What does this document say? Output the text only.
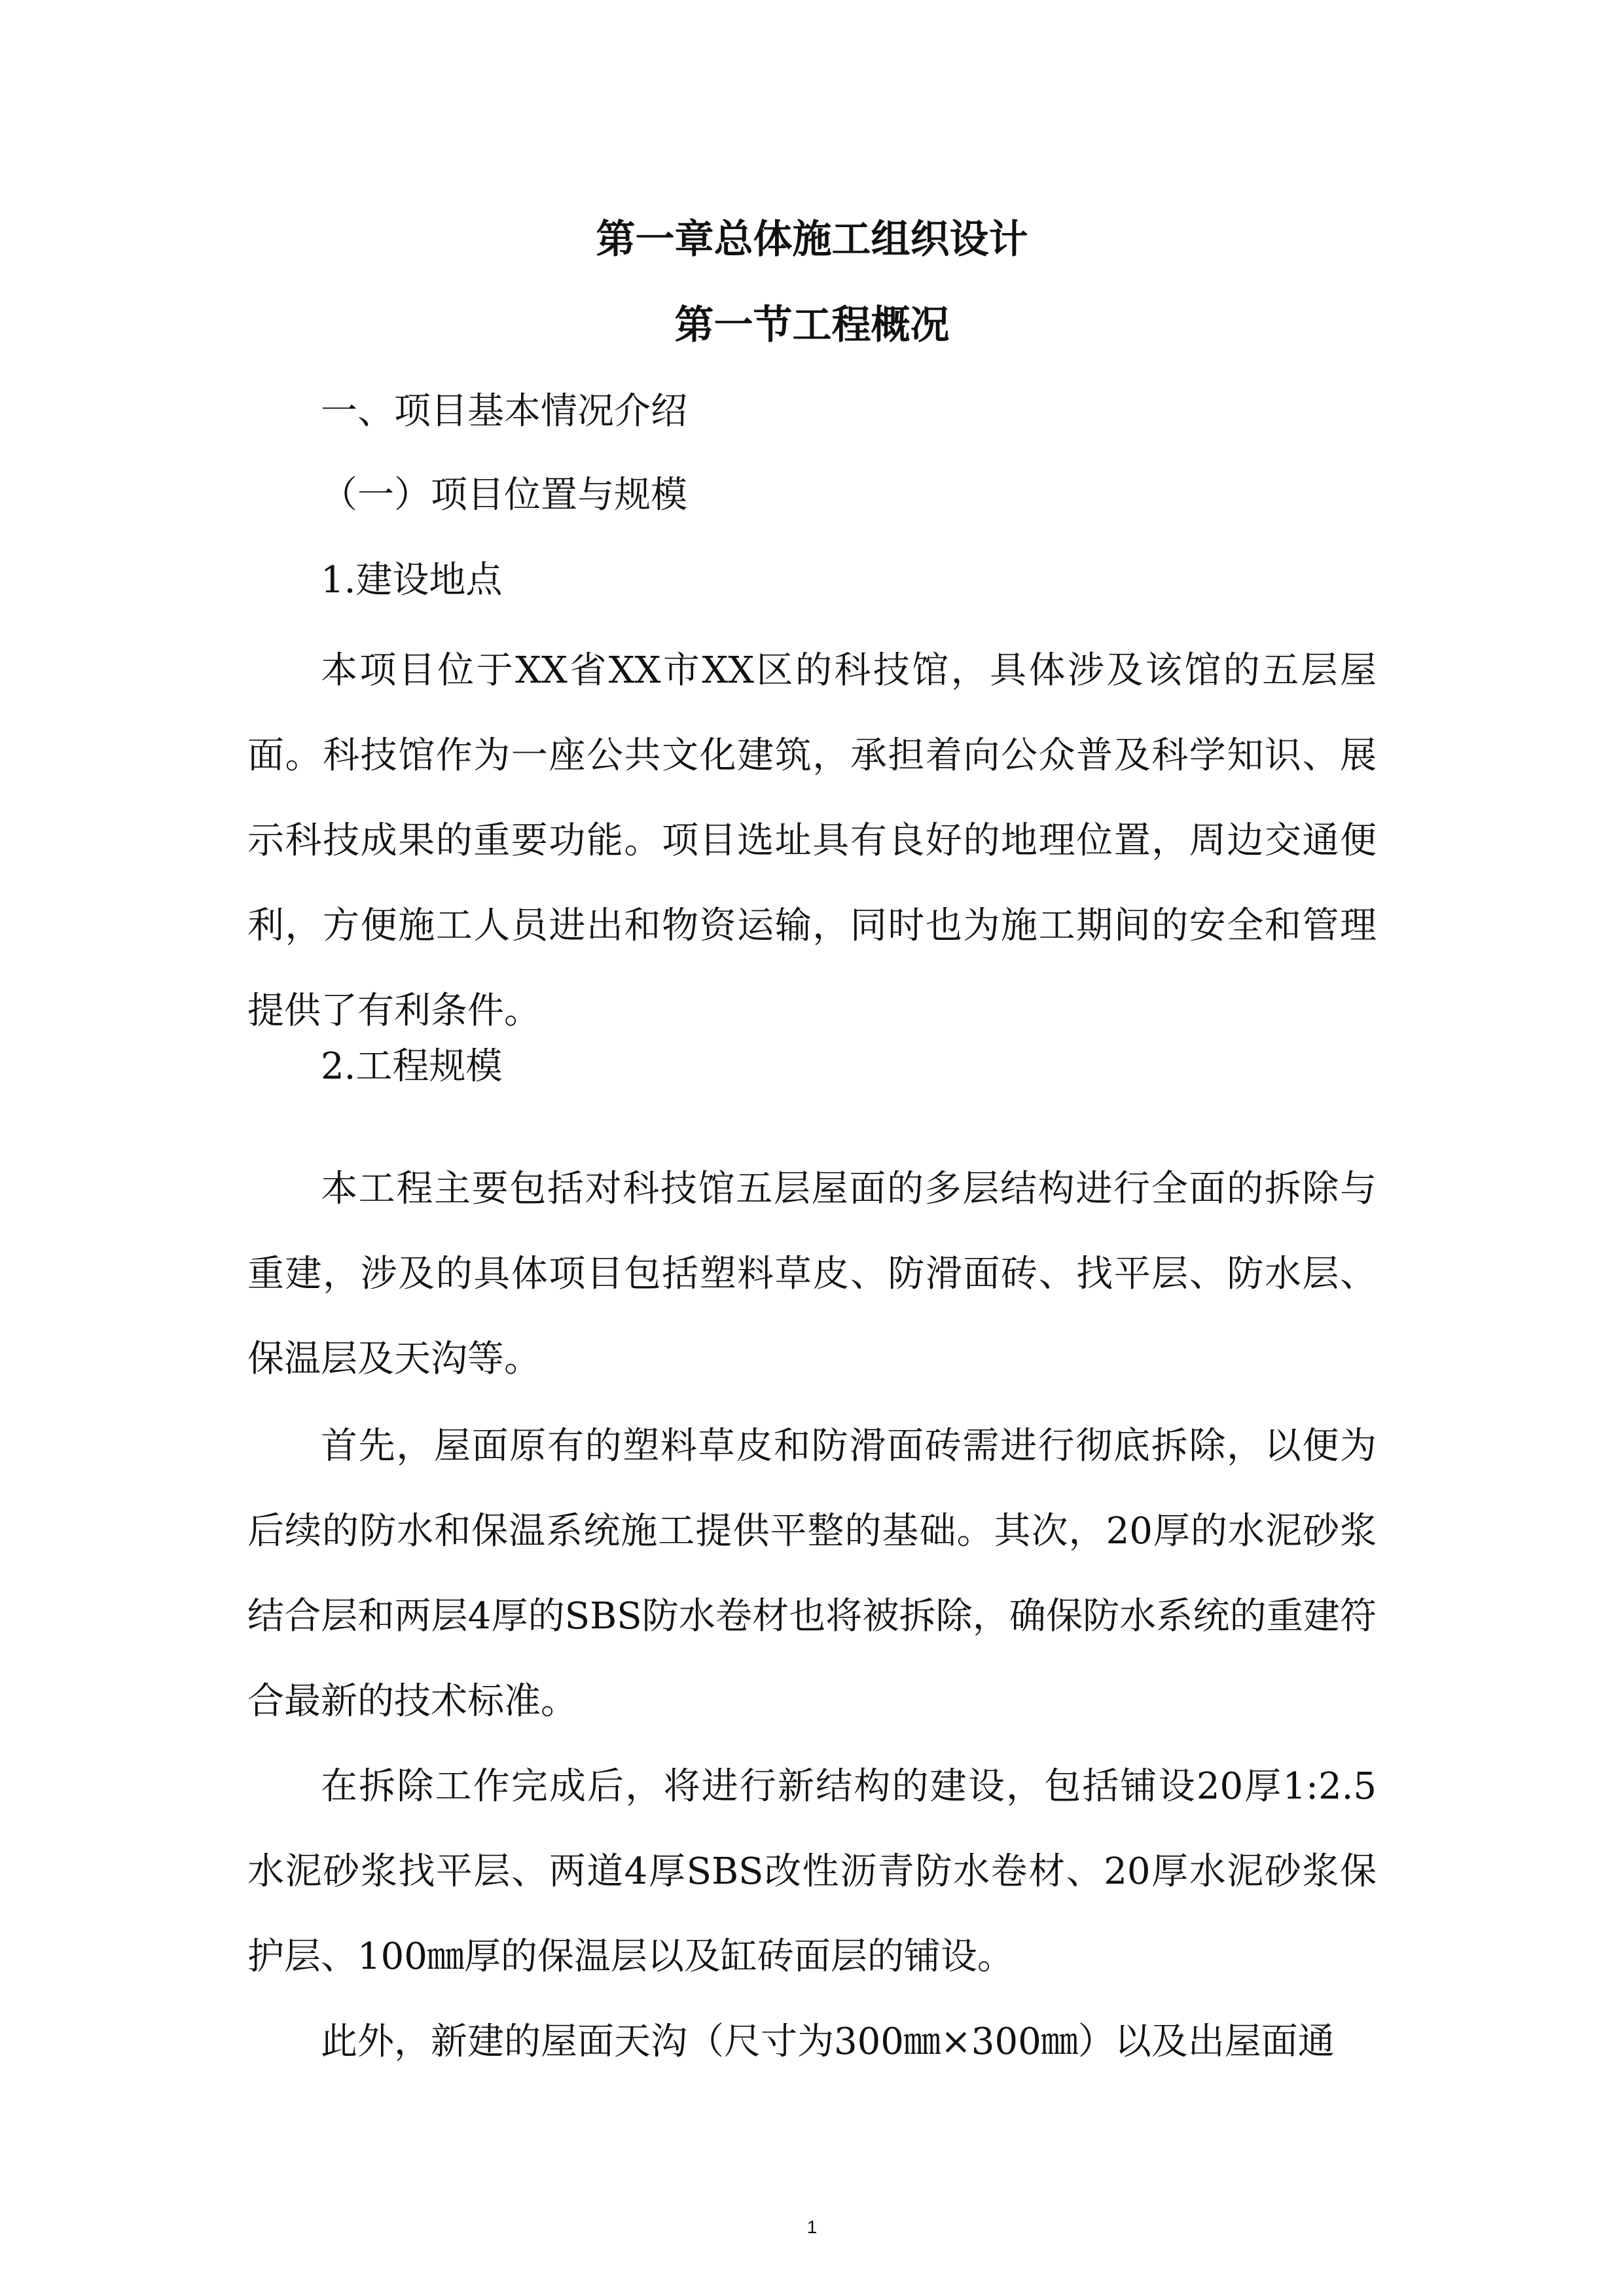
第一章总体施工组织设计
第一节工程概况

一、项目基本情况介绍

（一）项目位置与规模

1.建设地点

本项目位于XX省XX市XX区的科技馆，具体涉及该馆的五层屋面。科技馆作为一座公共文化建筑，承担着向公众普及科学知识、展示科技成果的重要功能。项目选址具有良好的地理位置，周边交通便利，方便施工人员进出和物资运输，同时也为施工期间的安全和管理提供了有利条件。

2.工程规模

本工程主要包括对科技馆五层屋面的多层结构进行全面的拆除与重建，涉及的具体项目包括塑料草皮、防滑面砖、找平层、防水层、保温层及天沟等。

首先，屋面原有的塑料草皮和防滑面砖需进行彻底拆除，以便为后续的防水和保温系统施工提供平整的基础。其次，20厚的水泥砂浆结合层和两层4厚的SBS防水卷材也将被拆除，确保防水系统的重建符合最新的技术标准。

在拆除工作完成后，将进行新结构的建设，包括铺设20厚1:2.5水泥砂浆找平层、两道4厚SBS改性沥青防水卷材、20厚水泥砂浆保护层、100㎜厚的保温层以及缸砖面层的铺设。

此外，新建的屋面天沟（尺寸为300㎜×300㎜）以及出屋面通

1
